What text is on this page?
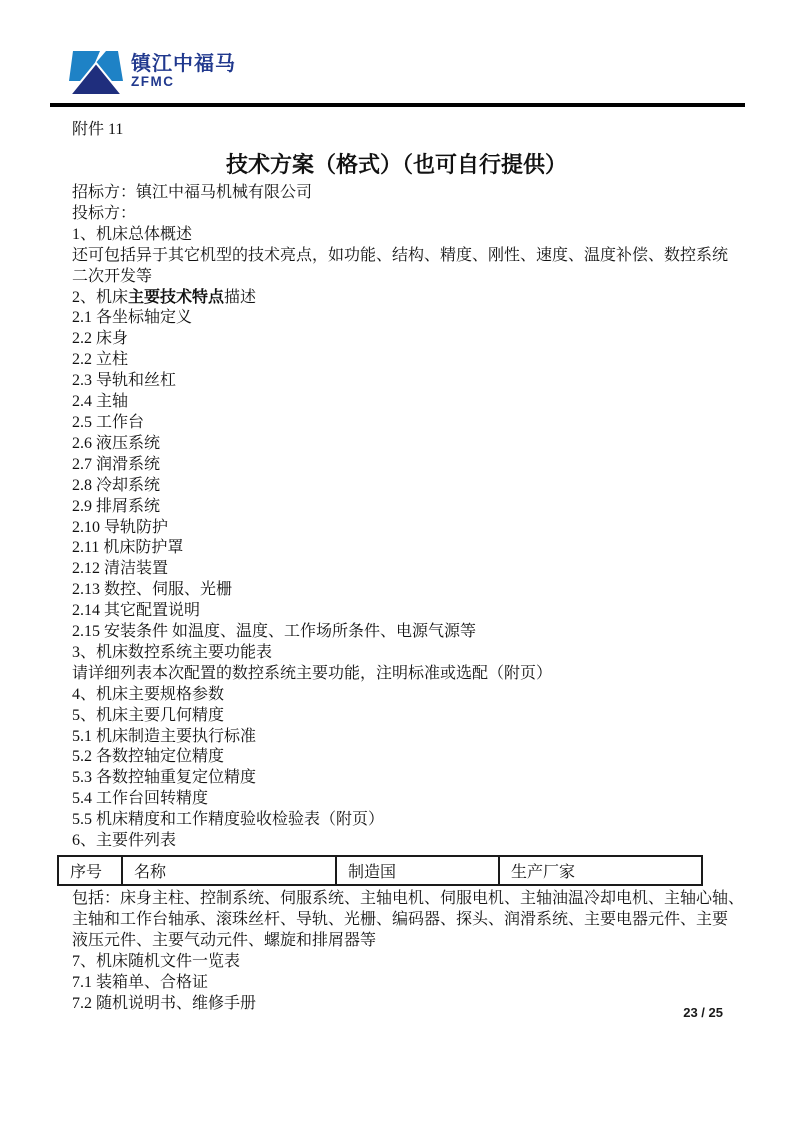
镇江中福马
ZFMC
附件 11
技术方案（格式）（也可自行提供）
招标方：镇江中福马机械有限公司
投标方：
1、机床总体概述
还可包括异于其它机型的技术亮点，如功能、结构、精度、刚性、速度、温度补偿、数控系统
二次开发等
2、机床主要技术特点描述
2.1 各坐标轴定义
2.2 床身
2.2 立柱
2.3 导轨和丝杠
2.4 主轴
2.5 工作台
2.6 液压系统
2.7 润滑系统
2.8 冷却系统
2.9 排屑系统
2.10 导轨防护
2.11 机床防护罩
2.12 清洁装置
2.13 数控、伺服、光栅
2.14 其它配置说明
2.15 安装条件 如温度、温度、工作场所条件、电源气源等
3、机床数控系统主要功能表
请详细列表本次配置的数控系统主要功能，注明标准或选配（附页）
4、机床主要规格参数
5、机床主要几何精度
5.1 机床制造主要执行标准
5.2 各数控轴定位精度
5.3 各数控轴重复定位精度
5.4 工作台回转精度
5.5 机床精度和工作精度验收检验表（附页）
6、主要件列表
序号	名称	制造国	生产厂家
包括：床身主柱、控制系统、伺服系统、主轴电机、伺服电机、主轴油温冷却电机、主轴心轴、
主轴和工作台轴承、滚珠丝杆、导轨、光栅、编码器、探头、润滑系统、主要电器元件、主要
液压元件、主要气动元件、螺旋和排屑器等
7、机床随机文件一览表
7.1 装箱单、合格证
7.2 随机说明书、维修手册
23 / 25
